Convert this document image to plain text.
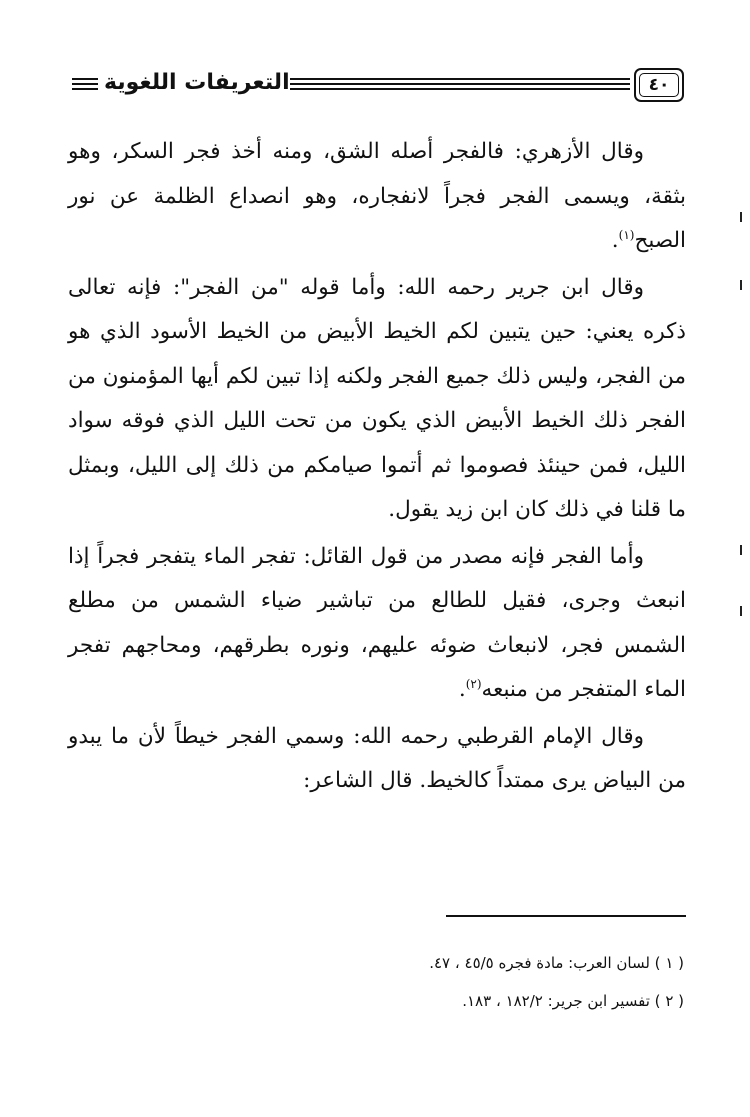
التعريفات اللغوية	٤٠

وقال الأزهري: فالفجر أصله الشق، ومنه أخذ فجر السكر، وهو بثقة، ويسمى الفجر فجراً لانفجاره، وهو انصداع الظلمة عن نور الصبح$^{(١)}$.

وقال ابن جرير رحمه الله: وأما قوله "من الفجر": فإنه تعالى ذكره يعني: حين يتبين لكم الخيط الأبيض من الخيط الأسود الذي هو من الفجر، وليس ذلك جميع الفجر ولكنه إذا تبين لكم أيها المؤمنون من الفجر ذلك الخيط الأبيض الذي يكون من تحت الليل الذي فوقه سواد الليل، فمن حينئذ فصوموا ثم أتموا صيامكم من ذلك إلى الليل، وبمثل ما قلنا في ذلك كان ابن زيد يقول.

وأما الفجر فإنه مصدر من قول القائل: تفجر الماء يتفجر فجراً إذا انبعث وجرى، فقيل للطالع من تباشير ضياء الشمس من مطلع الشمس فجر، لانبعاث ضوئه عليهم، ونوره بطرقهم، ومحاجهم تفجر الماء المتفجر من منبعه$^{(٢)}$.

وقال الإمام القرطبي رحمه الله: وسمي الفجر خيطاً لأن ما يبدو من البياض يرى ممتداً كالخيط. قال الشاعر:

( ١ ) لسان العرب: مادة فجره ٤٥/٥ ، ٤٧.

( ٢ ) تفسير ابن جرير: ١٨٢/٢ ، ١٨٣.
